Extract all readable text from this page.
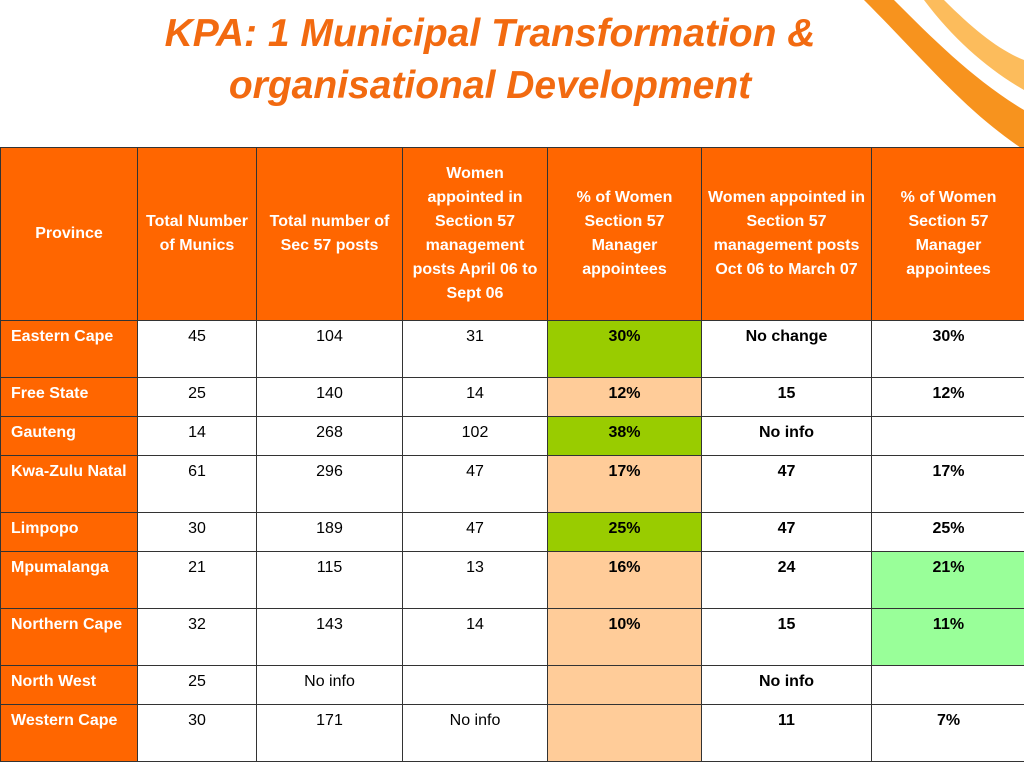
KPA: 1 Municipal Transformation &
organisational Development
Province	Total Number of Munics	Total number of Sec 57 posts	Women appointed in Section 57 management posts April 06 to Sept 06	% of Women Section 57 Manager appointees	Women appointed in Section 57 management posts Oct 06 to March 07	% of Women Section 57 Manager appointees
Eastern Cape	45	104	31	30%	No change	30%
Free State	25	140	14	12%	15	12%
Gauteng	14	268	102	38%	No info	
Kwa-Zulu Natal	61	296	47	17%	47	17%
Limpopo	30	189	47	25%	47	25%
Mpumalanga	21	115	13	16%	24	21%
Northern Cape	32	143	14	10%	15	11%
North West	25	No info			No info	
Western Cape	30	171	No info		11	7%
